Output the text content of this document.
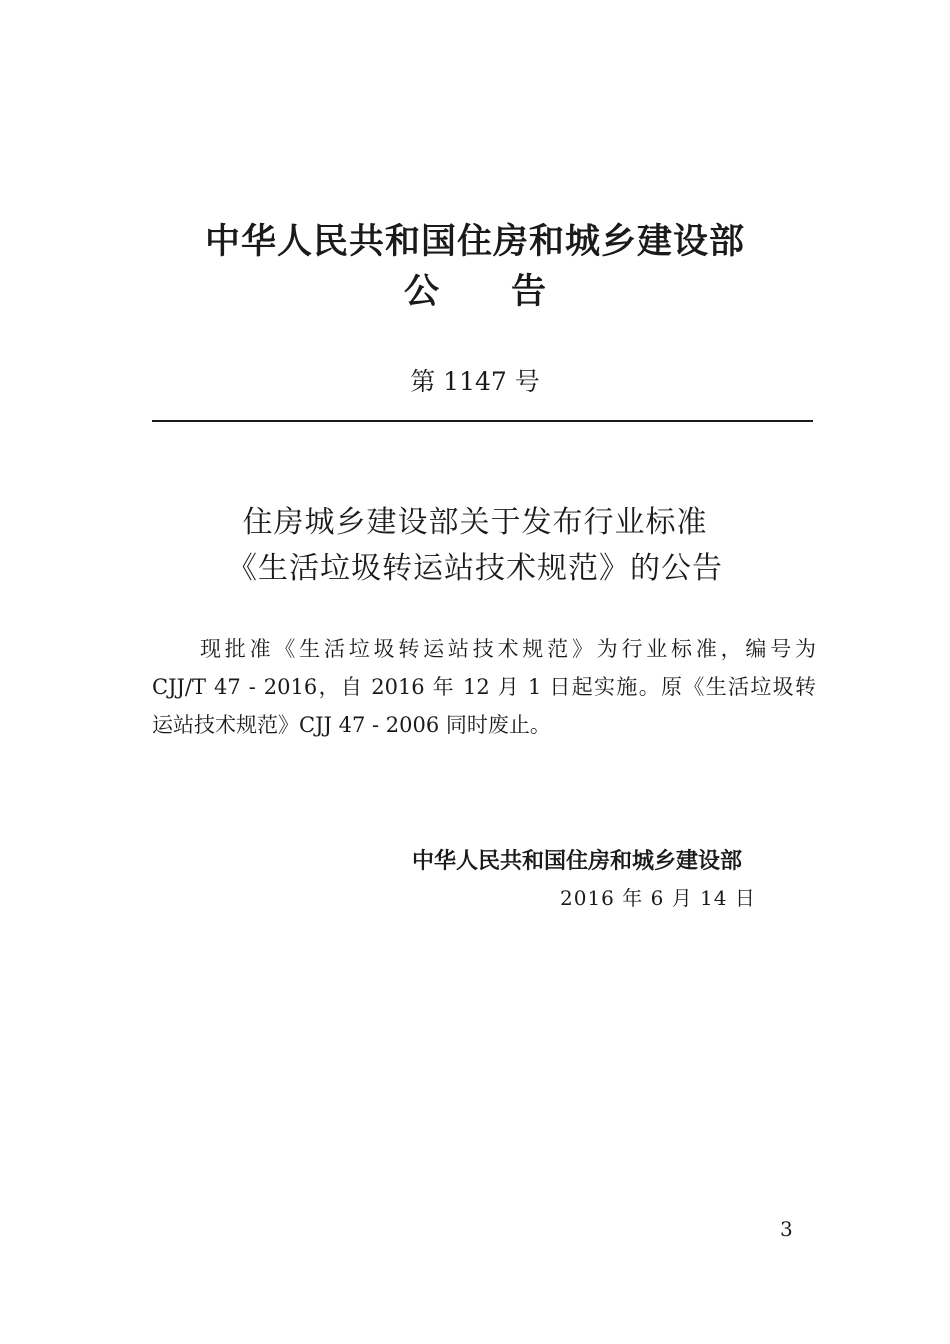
中华人民共和国住房和城乡建设部
公告
第 1147 号
住房城乡建设部关于发布行业标准
《生活垃圾转运站技术规范》的公告
现批准《生活垃圾转运站技术规范》为行业标准，编号为
CJJ/T 47 - 2016，自 2016 年 12 月 1 日起实施。原《生活垃圾转
运站技术规范》CJJ 47 - 2006 同时废止。
中华人民共和国住房和城乡建设部
2016 年 6 月 14 日
3
